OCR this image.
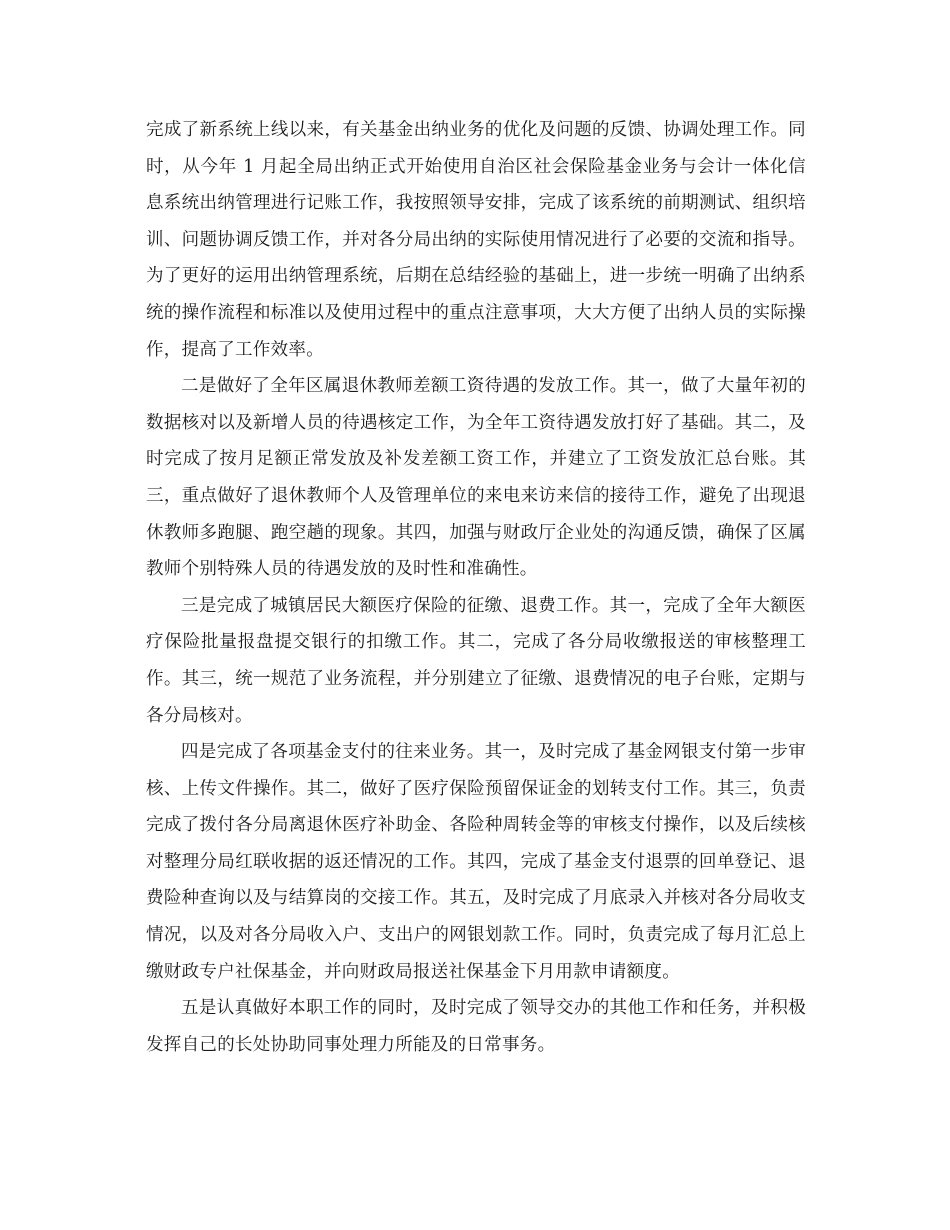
完成了新系统上线以来，有关基金出纳业务的优化及问题的反馈、协调处理工作。同时，从今年 1 月起全局出纳正式开始使用自治区社会保险基金业务与会计一体化信息系统出纳管理进行记账工作，我按照领导安排，完成了该系统的前期测试、组织培训、问题协调反馈工作，并对各分局出纳的实际使用情况进行了必要的交流和指导。为了更好的运用出纳管理系统，后期在总结经验的基础上，进一步统一明确了出纳系统的操作流程和标准以及使用过程中的重点注意事项，大大方便了出纳人员的实际操作，提高了工作效率。

二是做好了全年区属退休教师差额工资待遇的发放工作。其一，做了大量年初的数据核对以及新增人员的待遇核定工作，为全年工资待遇发放打好了基础。其二，及时完成了按月足额正常发放及补发差额工资工作，并建立了工资发放汇总台账。其三，重点做好了退休教师个人及管理单位的来电来访来信的接待工作，避免了出现退休教师多跑腿、跑空趟的现象。其四，加强与财政厅企业处的沟通反馈，确保了区属教师个别特殊人员的待遇发放的及时性和准确性。

三是完成了城镇居民大额医疗保险的征缴、退费工作。其一，完成了全年大额医疗保险批量报盘提交银行的扣缴工作。其二，完成了各分局收缴报送的审核整理工作。其三，统一规范了业务流程，并分别建立了征缴、退费情况的电子台账，定期与各分局核对。

四是完成了各项基金支付的往来业务。其一，及时完成了基金网银支付第一步审核、上传文件操作。其二，做好了医疗保险预留保证金的划转支付工作。其三，负责完成了拨付各分局离退休医疗补助金、各险种周转金等的审核支付操作，以及后续核对整理分局红联收据的返还情况的工作。其四，完成了基金支付退票的回单登记、退费险种查询以及与结算岗的交接工作。其五，及时完成了月底录入并核对各分局收支情况，以及对各分局收入户、支出户的网银划款工作。同时，负责完成了每月汇总上缴财政专户社保基金，并向财政局报送社保基金下月用款申请额度。

五是认真做好本职工作的同时，及时完成了领导交办的其他工作和任务，并积极发挥自己的长处协助同事处理力所能及的日常事务。
